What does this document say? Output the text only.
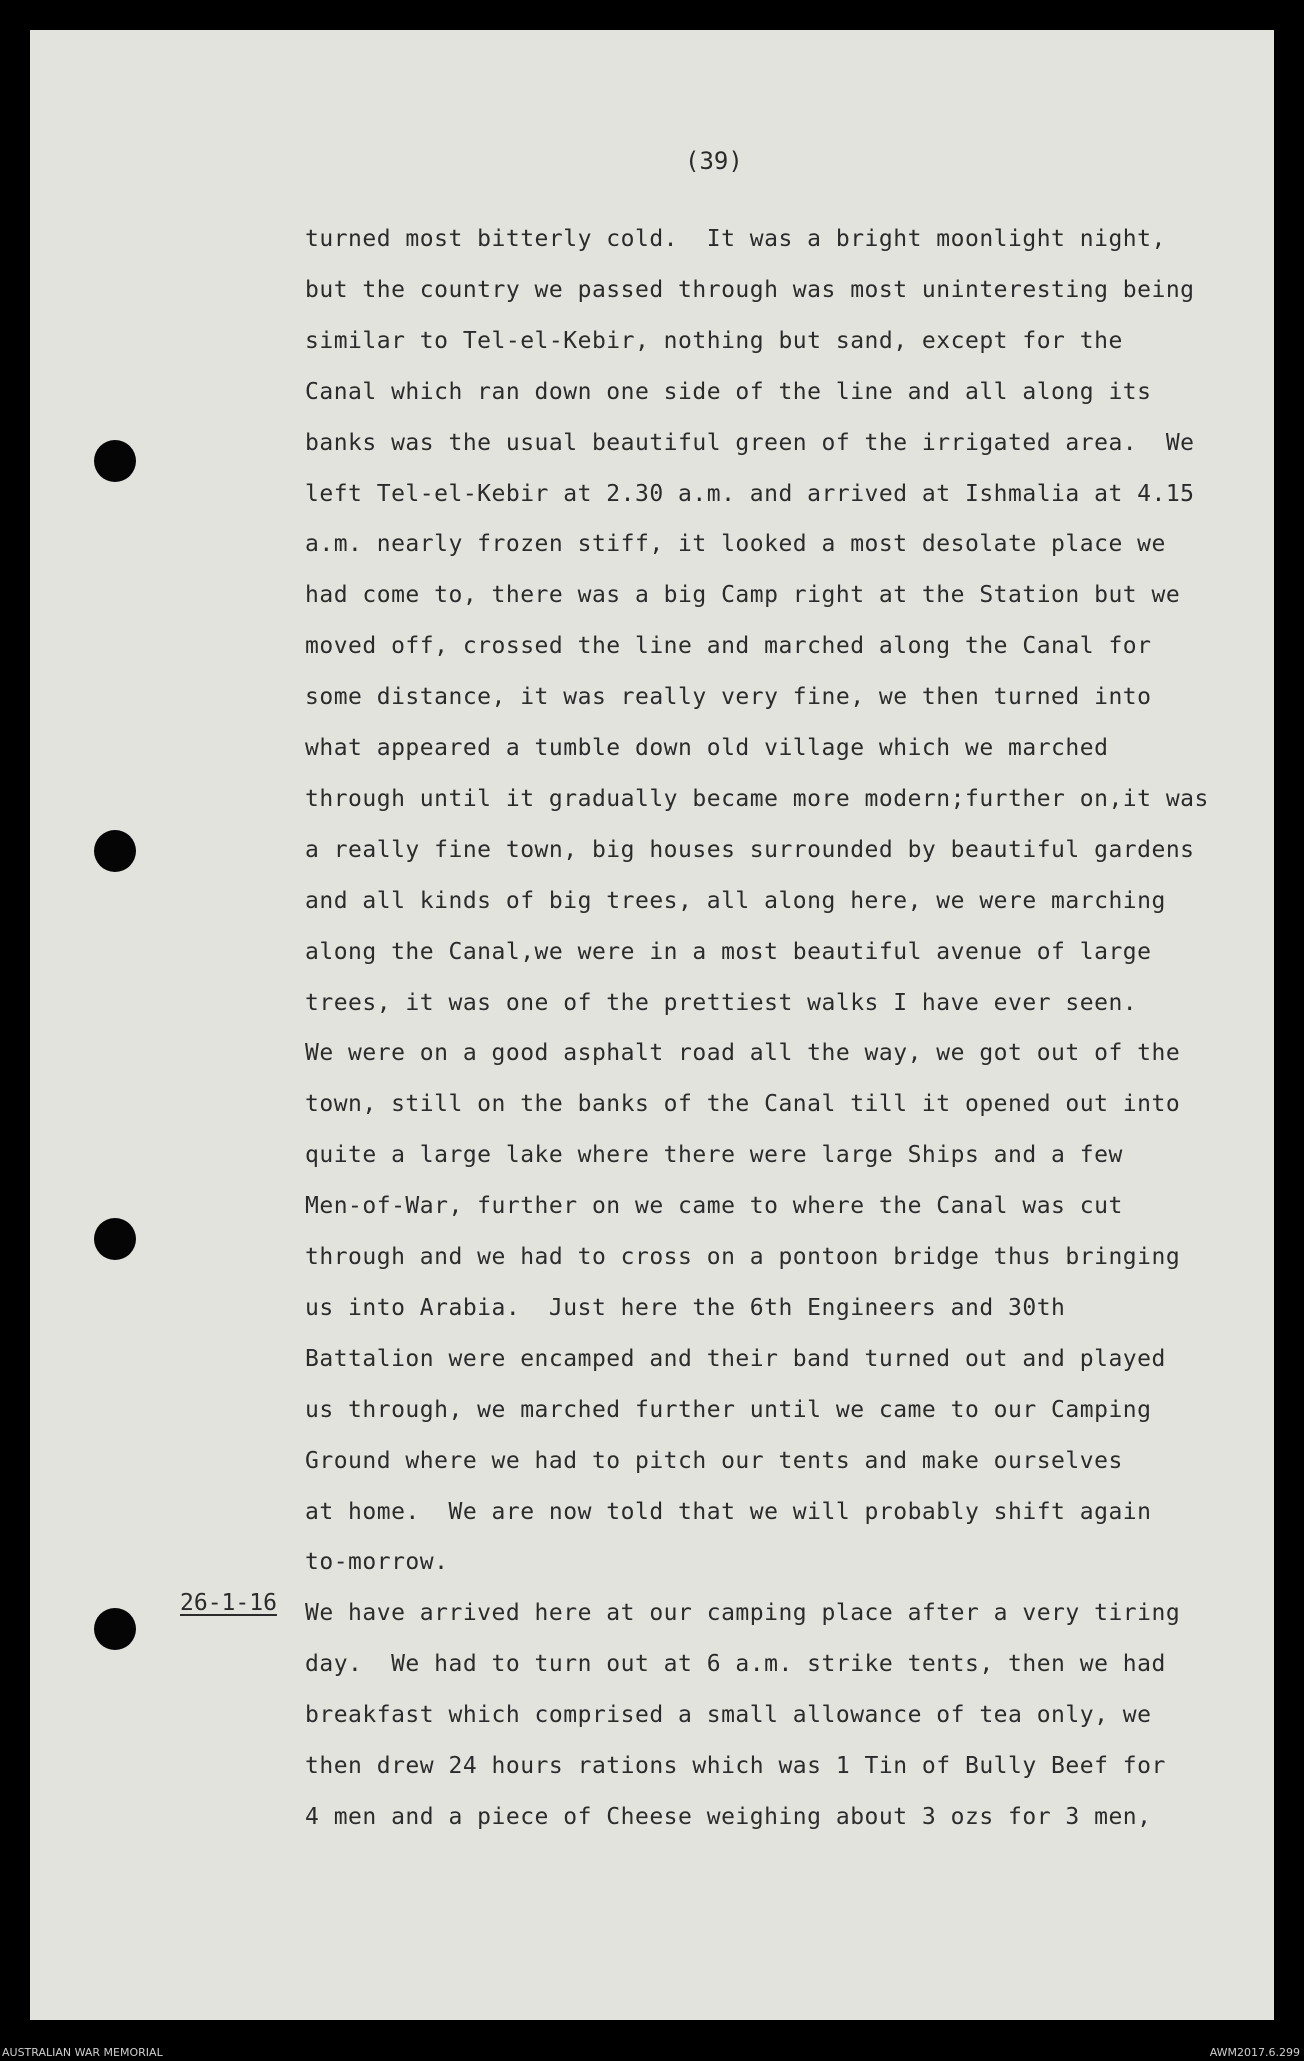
(39)
26-1-16
turned most bitterly cold.  It was a bright moonlight night,
but the country we passed through was most uninteresting being
similar to Tel-el-Kebir, nothing but sand, except for the
Canal which ran down one side of the line and all along its
banks was the usual beautiful green of the irrigated area.  We
left Tel-el-Kebir at 2.30 a.m. and arrived at Ishmalia at 4.15
a.m. nearly frozen stiff, it looked a most desolate place we
had come to, there was a big Camp right at the Station but we
moved off, crossed the line and marched along the Canal for
some distance, it was really very fine, we then turned into
what appeared a tumble down old village which we marched
through until it gradually became more modern;further on,it was
a really fine town, big houses surrounded by beautiful gardens
and all kinds of big trees, all along here, we were marching
along the Canal,we were in a most beautiful avenue of large
trees, it was one of the prettiest walks I have ever seen.
We were on a good asphalt road all the way, we got out of the
town, still on the banks of the Canal till it opened out into
quite a large lake where there were large Ships and a few
Men-of-War, further on we came to where the Canal was cut
through and we had to cross on a pontoon bridge thus bringing
us into Arabia.  Just here the 6th Engineers and 30th
Battalion were encamped and their band turned out and played
us through, we marched further until we came to our Camping
Ground where we had to pitch our tents and make ourselves
at home.  We are now told that we will probably shift again
to-morrow.
We have arrived here at our camping place after a very tiring
day.  We had to turn out at 6 a.m. strike tents, then we had
breakfast which comprised a small allowance of tea only, we
then drew 24 hours rations which was 1 Tin of Bully Beef for
4 men and a piece of Cheese weighing about 3 ozs for 3 men,
AUSTRALIAN WAR MEMORIAL	AWM2017.6.299
